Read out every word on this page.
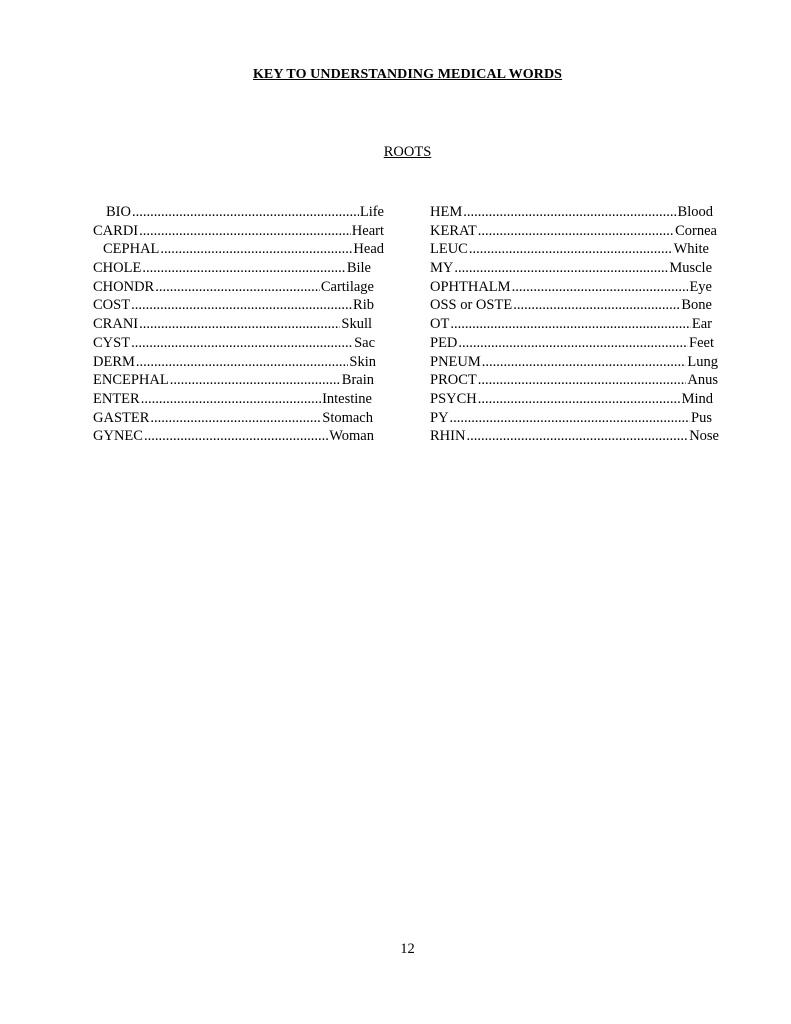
KEY TO UNDERSTANDING MEDICAL WORDS
ROOTS
BIO .....	Life
CARDI .....	Heart
CEPHAL .....	Head
CHOLE .....	Bile
CHONDR .....	Cartilage
COST .....	Rib
CRANI .....	Skull
CYST .....	Sac
DERM .....	Skin
ENCEPHAL .....	Brain
ENTER .....	Intestine
GASTER .....	Stomach
GYNEC .....	Woman
HEM .....	Blood
KERAT .....	Cornea
LEUC .....	White
MY .....	Muscle
OPHTHALM .....	Eye
OSS or OSTE .....	Bone
OT .....	Ear
PED .....	Feet
PNEUM .....	Lung
PROCT .....	Anus
PSYCH .....	Mind
PY .....	Pus
RHIN .....	Nose
12
